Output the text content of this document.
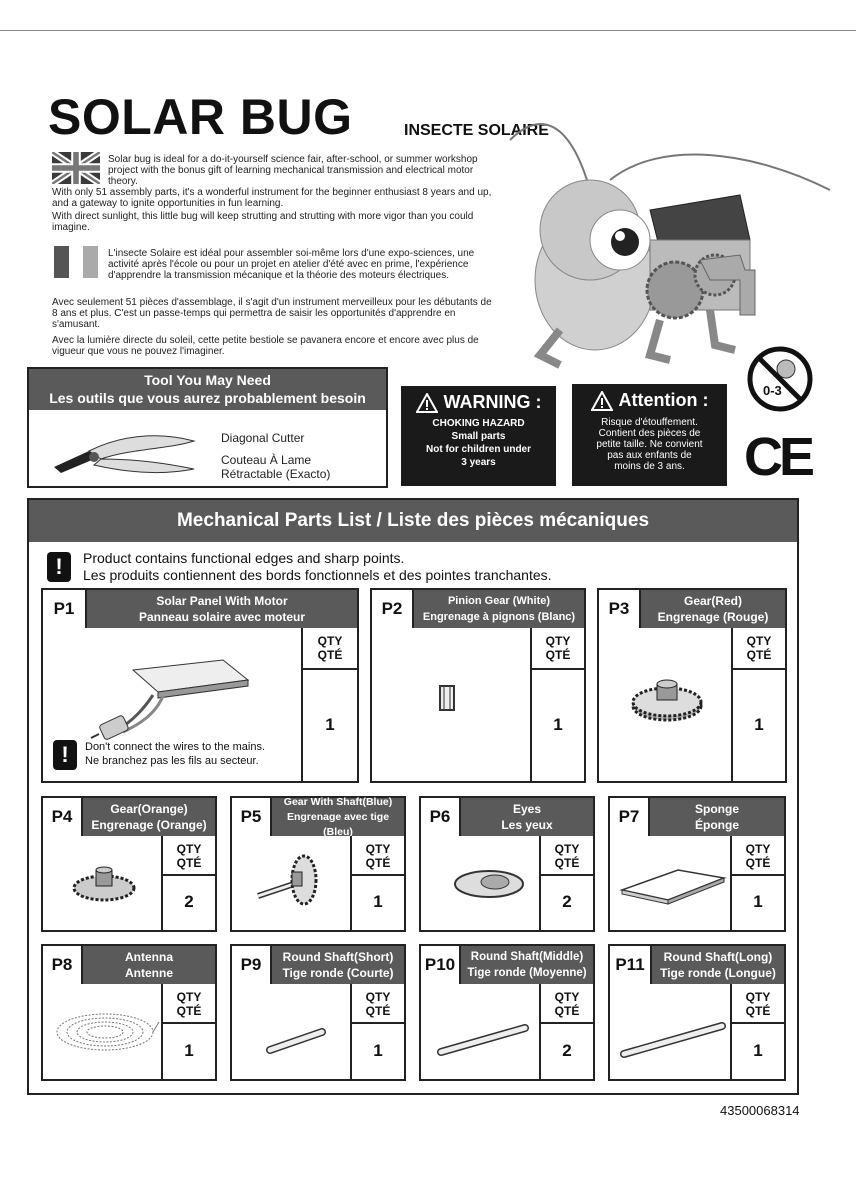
SOLAR BUG	INSECTE SOLAIRE
Solar bug is ideal for a do-it-yourself science fair, after-school, or summer workshop project with the bonus gift of learning mechanical transmission and electrical motor theory.
With only 51 assembly parts, it's a wonderful instrument for the beginner enthusiast 8 years and up, and a gateway to ignite opportunities in fun learning.
With direct sunlight, this little bug will keep strutting and strutting with more vigor than you could imagine.
L'insecte Solaire est idéal pour assembler soi-même lors d'une expo-sciences, une activité après l'école ou pour un projet en atelier d'été avec en prime, l'expérience d'apprendre la transmission mécanique et la théorie des moteurs électriques.
Avec seulement 51 pièces d'assemblage, il s'agit d'un instrument merveilleux pour les débutants de 8 ans et plus. C'est un passe-temps qui permettra de saisir les opportunités d'apprendre en s'amusant.
Avec la lumière directe du soleil, cette petite bestiole se pavanera encore et encore avec plus de vigueur que vous ne pouvez l'imaginer.
Tool You May Need
Les outils que vous aurez probablement besoin
Diagonal Cutter
Couteau À Lame
Rétractable (Exacto)
WARNING :
CHOKING HAZARD
Small parts
Not for children under
3 years
Attention :
Risque d'étouffement.
Contient des pièces de
petite taille. Ne convient
pas aux enfants de
moins de 3 ans.
0-3
CE
Mechanical Parts List / Liste des pièces mécaniques
!	Product contains functional edges and sharp points.
Les produits contiennent des bords fonctionnels et des pointes tranchantes.
P1	Solar Panel With Motor
Panneau solaire avec moteur
QTY
QTÉ
1
!	Don't connect the wires to the mains.
Ne branchez pas les fils au secteur.
P2	Pinion Gear (White)
Engrenage à pignons (Blanc)
QTY
QTÉ
1
P3	Gear(Red)
Engrenage (Rouge)
QTY
QTÉ
1
P4	Gear(Orange)
Engrenage (Orange)
QTY
QTÉ
2
P5
Gear With Shaft(Blue)
Engrenage avec tige (Bleu)
QTY
QTÉ
1
P6	Eyes
Les yeux
QTY
QTÉ
2
P7	Sponge
Éponge
QTY
QTÉ
1
P8	Antenna
Antenne
QTY
QTÉ
1
P9	Round Shaft(Short)
Tige ronde (Courte)
QTY
QTÉ
1
P10	Round Shaft(Middle)
Tige ronde (Moyenne)
QTY
QTÉ
2
P11	Round Shaft(Long)
Tige ronde (Longue)
QTY
QTÉ
1
43500068314
